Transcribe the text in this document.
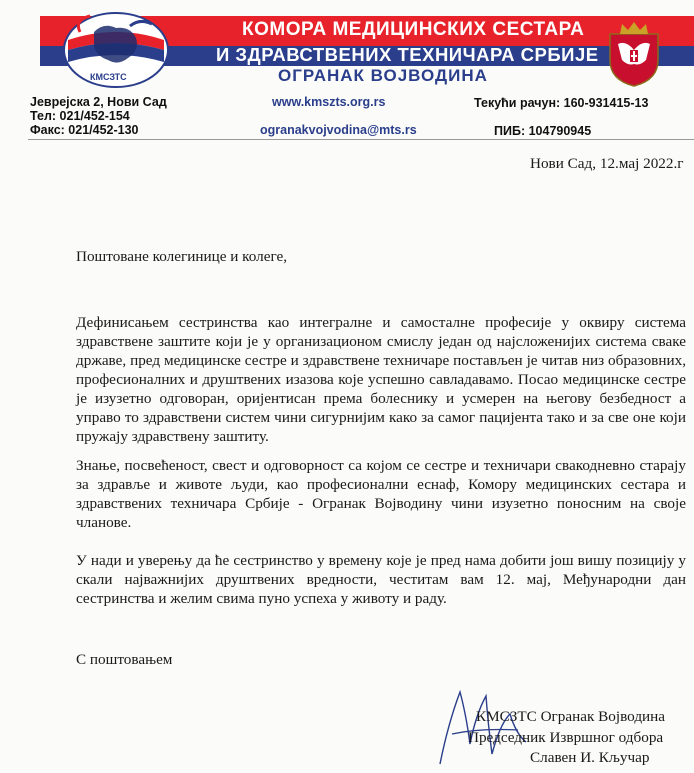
КОМОРА МЕДИЦИНСКИХ СЕСТАРА
И ЗДРАВСТВЕНИХ ТЕХНИЧАРА СРБИЈЕ
ОГРАНАК ВОЈВОДИНА
КМСЗТС
Јеврејска 2, Нови Сад
Тел: 021/452-154
Факс: 021/452-130
www.kmszts.org.rs
ogranakvojvodina@mts.rs
Текући рачун: 160-931415-13
ПИБ: 104790945
Нови Сад, 12.мај 2022.г
Поштоване колегинице и колеге,
Дефинисањем сестринства као интегралне и самосталне професије у оквиру система здравствене заштите који је у организационом смислу један од најсложенијих система сваке државе, пред медицинске сестре и здравствене техничаре постављен је читав низ образовних, професионалних и друштвених изазова које успешно савладавамо. Посао медицинске сестре је изузетно одговоран, оријентисан према болеснику и усмерен на његову безбедност а управо то здравствени систем чини сигурнијим како за самог пацијента тако и за све оне који пружају здравствену заштиту.
Знање, посвећеност, свест и одговорност са којом се сестре и техничари свакодневно старају за здравље и животе људи, као професионални еснаф, Комору медицинских сестара и здравствених техничара Србије - Огранак Војводину чини изузетно поносним на своје чланове.
У нади и уверењу да ће сестринство у времену које је пред нама добити још вишу позицију у скали најважнијих друштвених вредности, честитам вам 12. мај, Међународни дан сестринства и желим свима пуно успеха у животу и раду.
С поштовањем
КМСЗТС Огранак Војводина
Председник Извршног одбора
Славен И. Кључар
